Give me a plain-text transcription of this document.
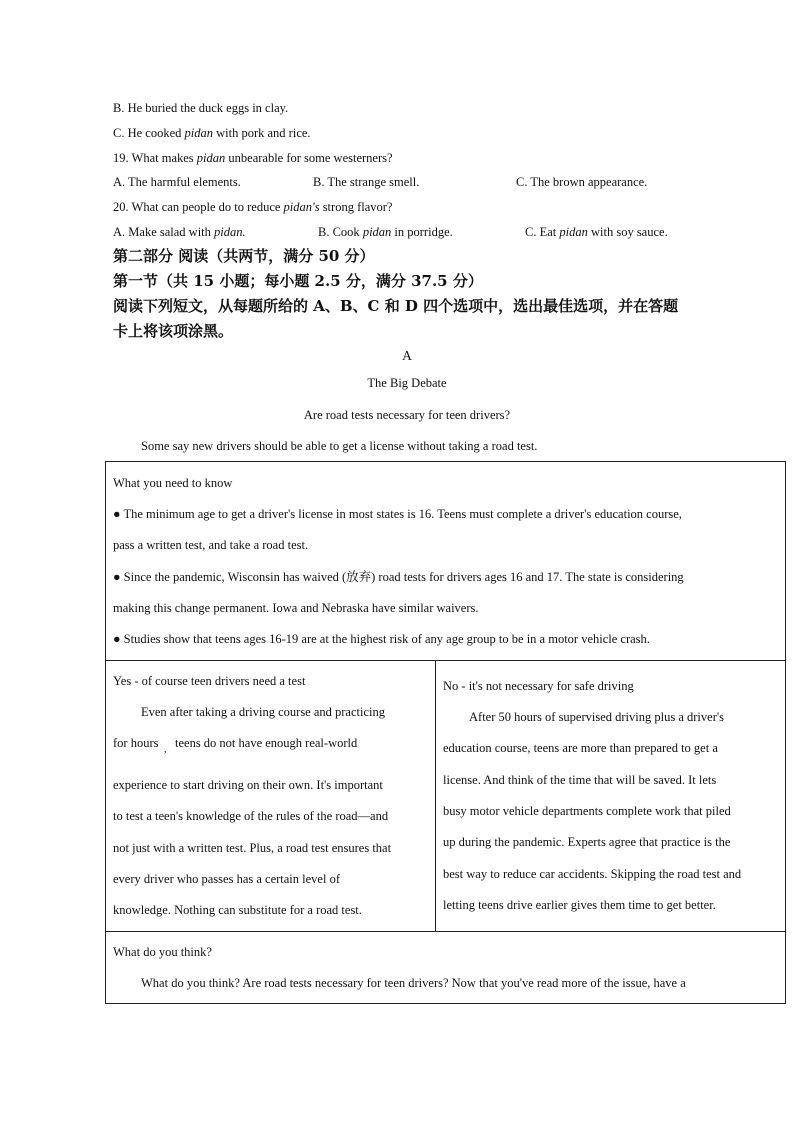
B. He buried the duck eggs in clay.
C. He cooked pidan with pork and rice.
19. What makes pidan unbearable for some westerners?
A. The harmful elements.	B. The strange smell.	C. The brown appearance.
20. What can people do to reduce pidan's strong flavor?
A. Make salad with pidan.	B. Cook pidan in porridge.	C. Eat pidan with soy sauce.
第二部分 阅读（共两节，满分 50 分）
第一节（共 15 小题；每小题 2.5 分，满分 37.5 分）
阅读下列短文，从每题所给的 A、B、C 和 D 四个选项中，选出最佳选项，并在答题
卡上将该项涂黑。
A
The Big Debate
Are road tests necessary for teen drivers?
Some say new drivers should be able to get a license without taking a road test.
What you need to know
● The minimum age to get a driver's license in most states is 16. Teens must complete a driver's education course,
pass a written test, and take a road test.
● Since the pandemic, Wisconsin has waived (放弃) road tests for drivers ages 16 and 17. The state is considering
making this change permanent. Iowa and Nebraska have similar waivers.
● Studies show that teens ages 16-19 are at the highest risk of any age group to be in a motor vehicle crash.
Yes - of course teen drivers need a test
Even after taking a driving course and practicing
for hours , teens do not have enough real-world
experience to start driving on their own. It's important
to test a teen's knowledge of the rules of the road—and
not just with a written test. Plus, a road test ensures that
every driver who passes has a certain level of
knowledge. Nothing can substitute for a road test.
No - it's not necessary for safe driving
After 50 hours of supervised driving plus a driver's
education course, teens are more than prepared to get a
license. And think of the time that will be saved. It lets
busy motor vehicle departments complete work that piled
up during the pandemic. Experts agree that practice is the
best way to reduce car accidents. Skipping the road test and
letting teens drive earlier gives them time to get better.
What do you think?
What do you think? Are road tests necessary for teen drivers? Now that you've read more of the issue, have a
